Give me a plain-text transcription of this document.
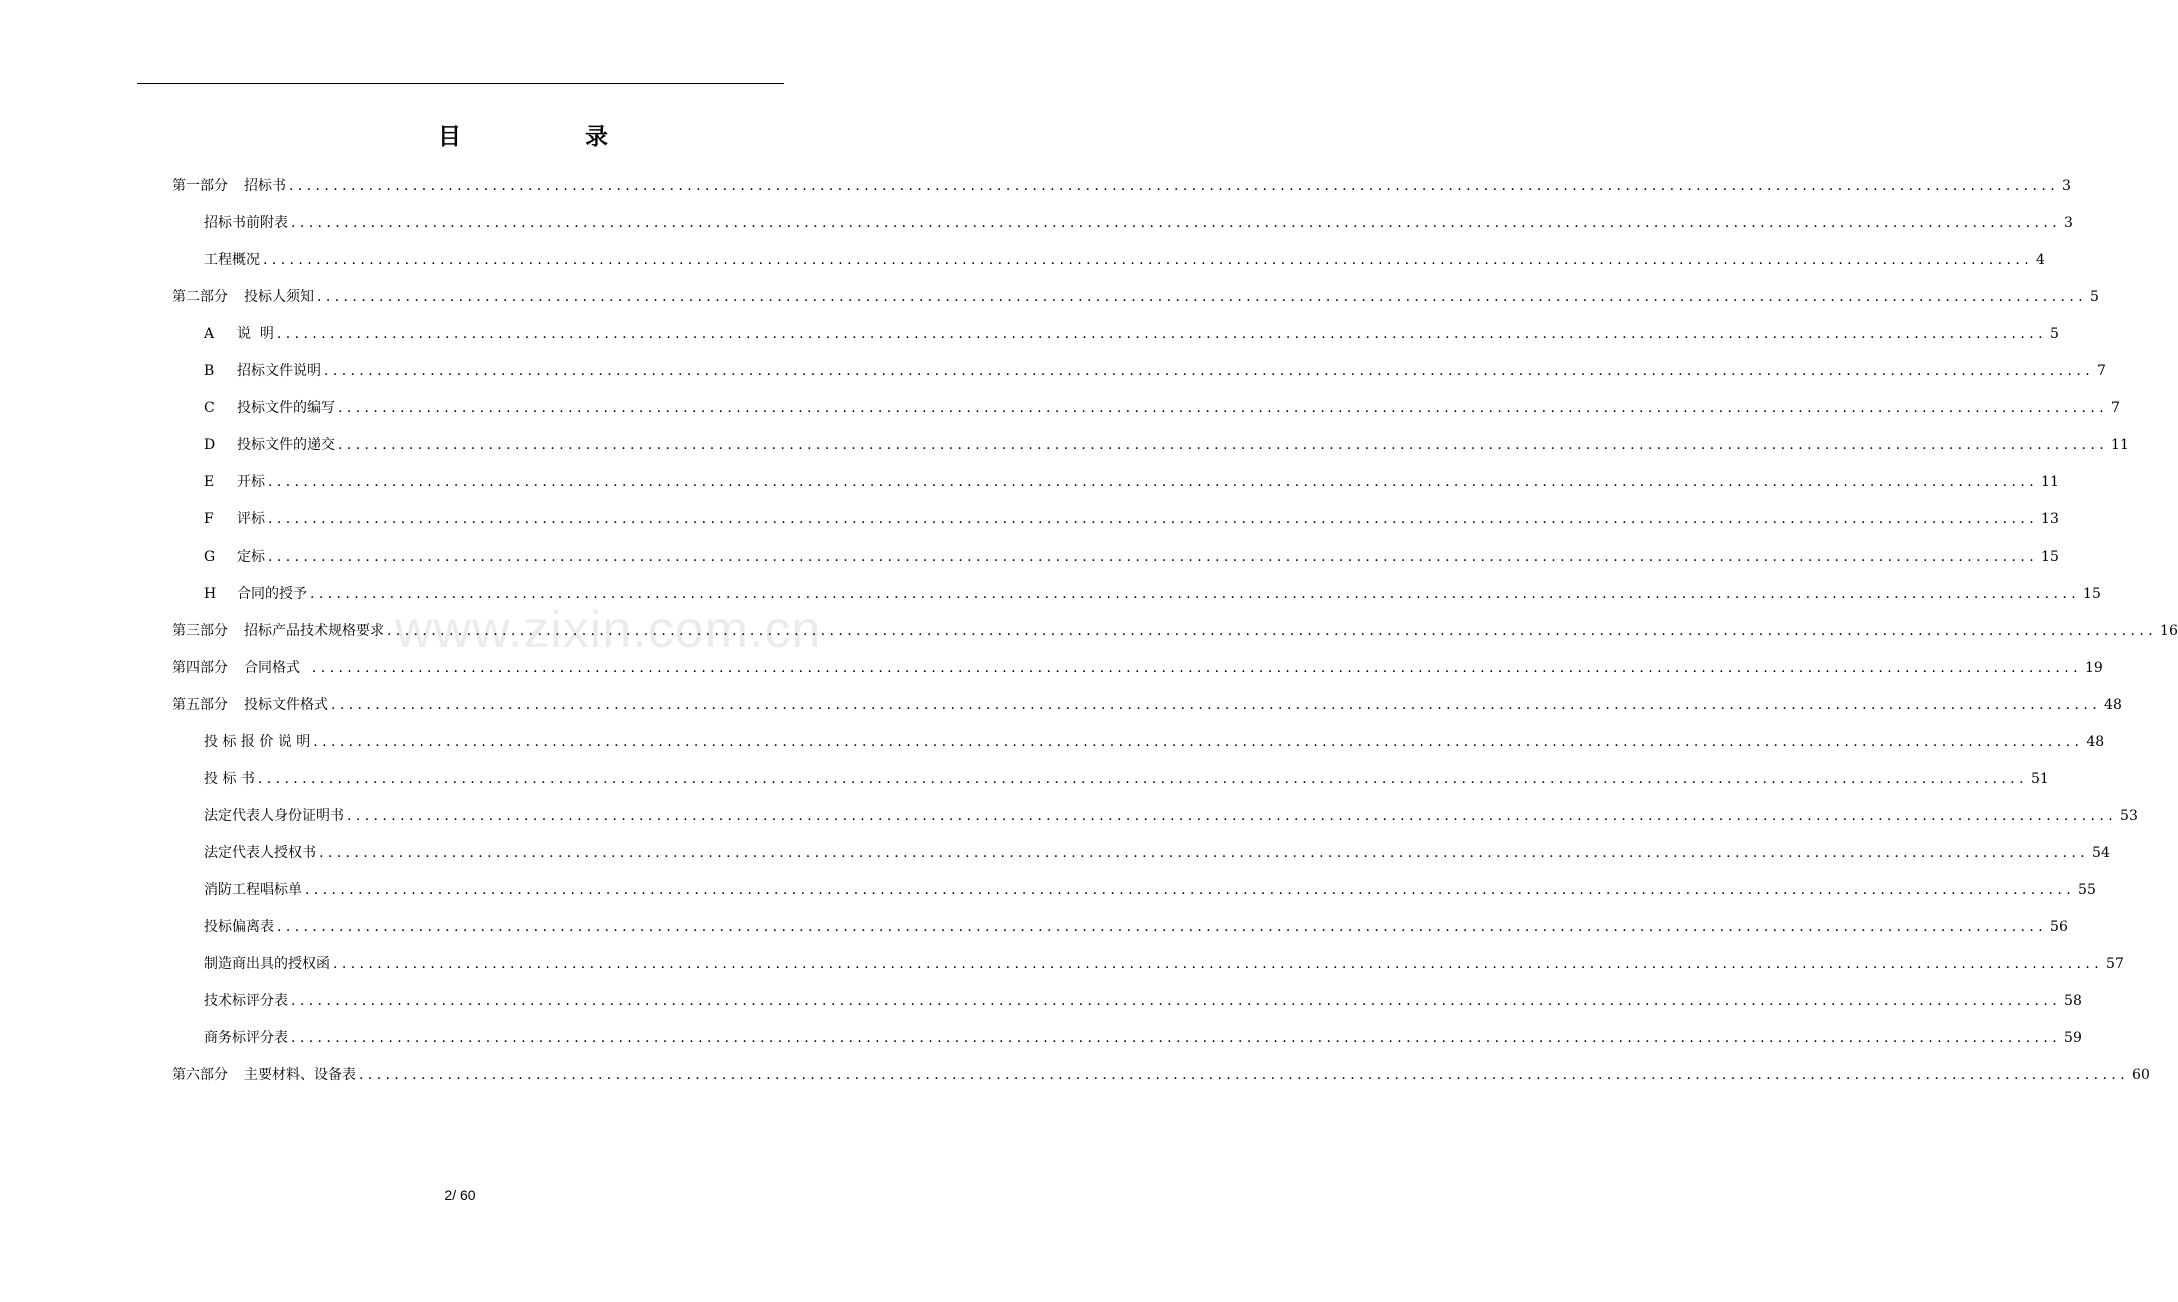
目	录
www.zixin.com.cn
第一部分 招标书 ........................................................................................................................................................................................................ 3
招标书前附表 ........................................................................................................................................................................................................ 3
工程概况 ........................................................................................................................................................................................................ 4
第二部分 投标人须知 ........................................................................................................................................................................................................ 5
A 说  明 ........................................................................................................................................................................................................ 5
B 招标文件说明 ........................................................................................................................................................................................................ 7
C 投标文件的编写 ........................................................................................................................................................................................................ 7
D 投标文件的递交 ........................................................................................................................................................................................................ 11
E 开标 ........................................................................................................................................................................................................ 11
F 评标 ........................................................................................................................................................................................................ 13
G 定标 ........................................................................................................................................................................................................ 15
H 合同的授予 ........................................................................................................................................................................................................ 15
第三部分 招标产品技术规格要求 ........................................................................................................................................................................................................ 16
第四部分 合同格式 ........................................................................................................................................................................................................ 19
第五部分 投标文件格式 ........................................................................................................................................................................................................ 48
投 标 报 价 说 明 ........................................................................................................................................................................................................ 48
投 标 书 ........................................................................................................................................................................................................ 51
法定代表人身份证明书 ........................................................................................................................................................................................................ 53
法定代表人授权书 ........................................................................................................................................................................................................ 54
消防工程唱标单 ........................................................................................................................................................................................................ 55
投标偏离表 ........................................................................................................................................................................................................ 56
制造商出具的授权函 ........................................................................................................................................................................................................ 57
技术标评分表 ........................................................................................................................................................................................................ 58
商务标评分表 ........................................................................................................................................................................................................ 59
第六部分 主要材料、设备表 ........................................................................................................................................................................................................ 60
2/ 60
